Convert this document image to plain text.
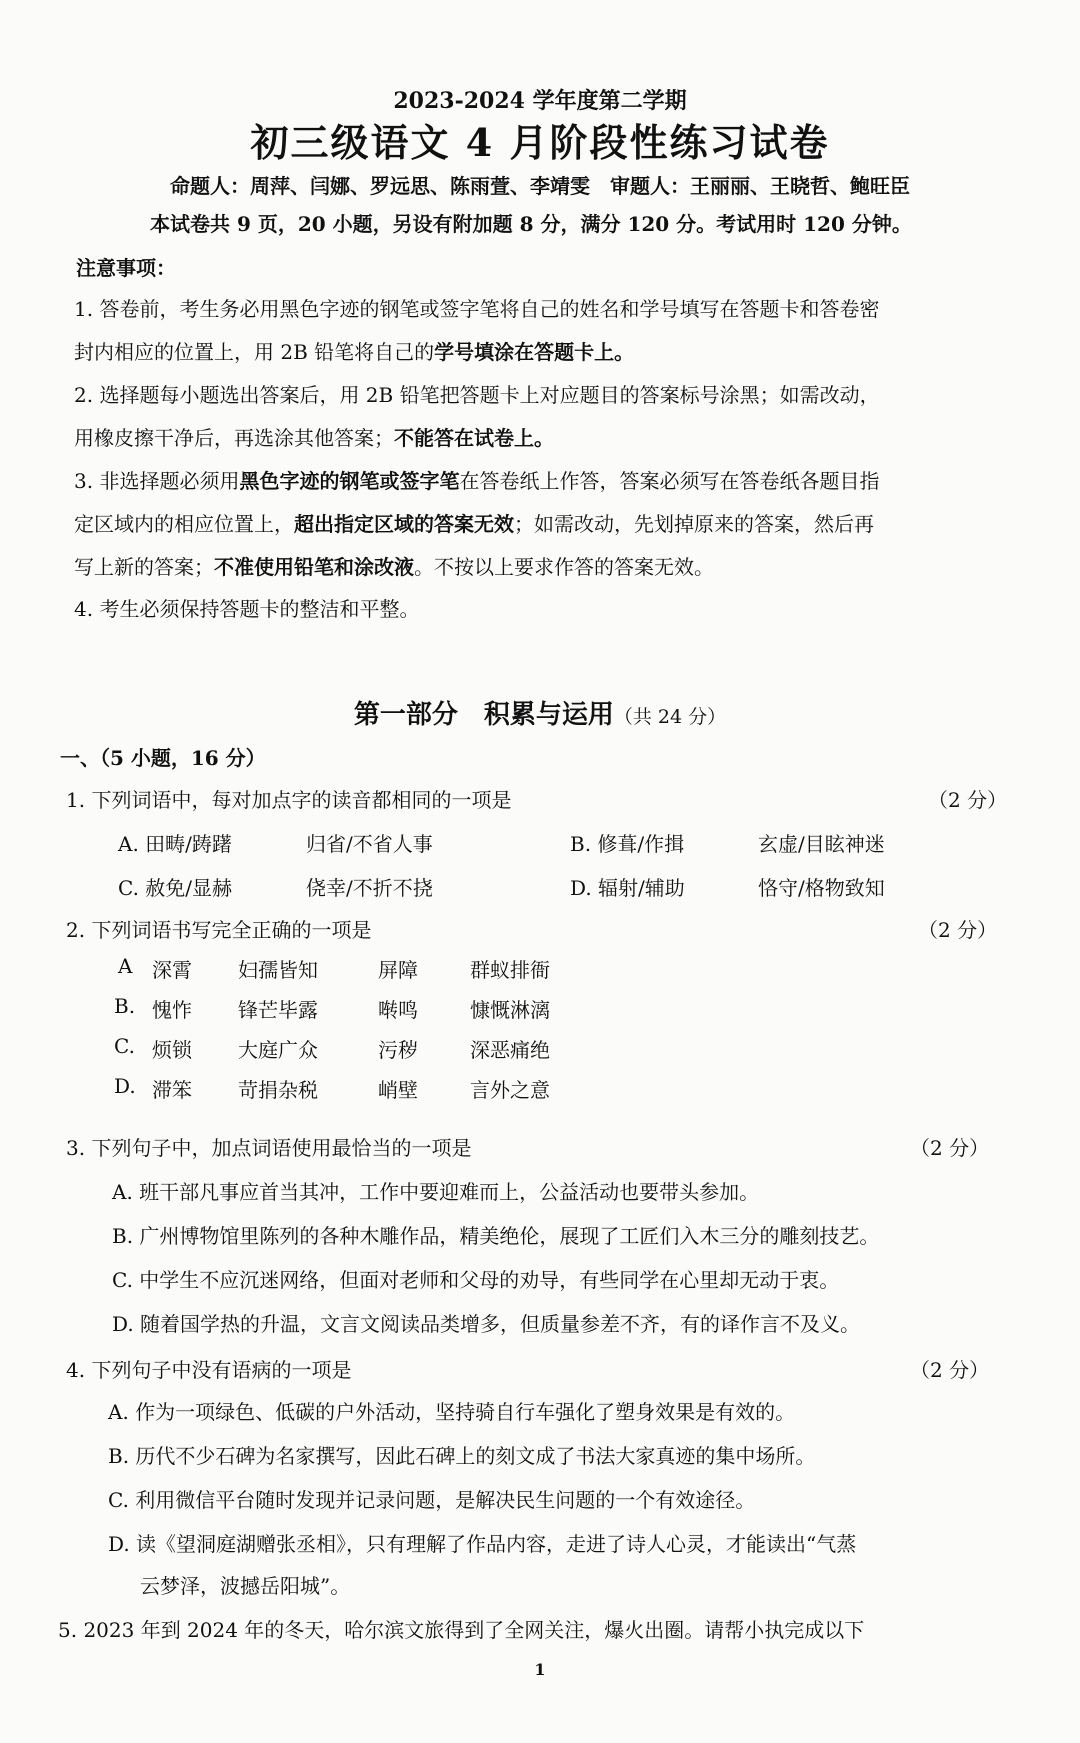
2023-2024 学年度第二学期
初三级语文 4 月阶段性练习试卷
命题人：周萍、闫娜、罗远思、陈雨萱、李靖雯　审题人：王丽丽、王晓哲、鲍旺臣
本试卷共 9 页，20 小题，另设有附加题 8 分，满分 120 分。考试用时 120 分钟。
注意事项：
1. 答卷前，考生务必用黑色字迹的钢笔或签字笔将自己的姓名和学号填写在答题卡和答卷密
封内相应的位置上，用 2B 铅笔将自己的学号填涂在答题卡上。
2. 选择题每小题选出答案后，用 2B 铅笔把答题卡上对应题目的答案标号涂黑；如需改动，
用橡皮擦干净后，再选涂其他答案；不能答在试卷上。
3. 非选择题必须用黑色字迹的钢笔或签字笔在答卷纸上作答，答案必须写在答卷纸各题目指
定区域内的相应位置上，超出指定区域的答案无效；如需改动，先划掉原来的答案，然后再
写上新的答案；不准使用铅笔和涂改液。不按以上要求作答的答案无效。
4. 考生必须保持答题卡的整洁和平整。
第一部分　积累与运用（共 24 分）
一、（5 小题，16 分）
1. 下列词语中，每对加点字的读音都相同的一项是	（2 分）
A. 田畴/踌躇	归省/不省人事	B. 修葺/作揖	玄虚/目眩神迷
C. 赦免/显赫	侥幸/不折不挠	D. 辐射/辅助	恪守/格物致知
2. 下列词语书写完全正确的一项是	（2 分）
A 深霄 妇孺皆知	屏障	群蚁排衙
B. 愧怍 锋芒毕露	啭鸣	慷慨淋漓
C. 烦锁 大庭广众	污秽	深恶痛绝
D. 滞笨 苛捐杂税	峭壁	言外之意
3. 下列句子中，加点词语使用最恰当的一项是	（2 分）
A. 班干部凡事应首当其冲，工作中要迎难而上，公益活动也要带头参加。
B. 广州博物馆里陈列的各种木雕作品，精美绝伦，展现了工匠们入木三分的雕刻技艺。
C. 中学生不应沉迷网络，但面对老师和父母的劝导，有些同学在心里却无动于衷。
D. 随着国学热的升温，文言文阅读品类增多，但质量参差不齐，有的译作言不及义。
4. 下列句子中没有语病的一项是	（2 分）
A. 作为一项绿色、低碳的户外活动，坚持骑自行车强化了塑身效果是有效的。
B. 历代不少石碑为名家撰写，因此石碑上的刻文成了书法大家真迹的集中场所。
C. 利用微信平台随时发现并记录问题，是解决民生问题的一个有效途径。
D. 读《望洞庭湖赠张丞相》，只有理解了作品内容，走进了诗人心灵，才能读出“气蒸
云梦泽，波撼岳阳城”。
5. 2023 年到 2024 年的冬天，哈尔滨文旅得到了全网关注，爆火出圈。请帮小执完成以下
1
